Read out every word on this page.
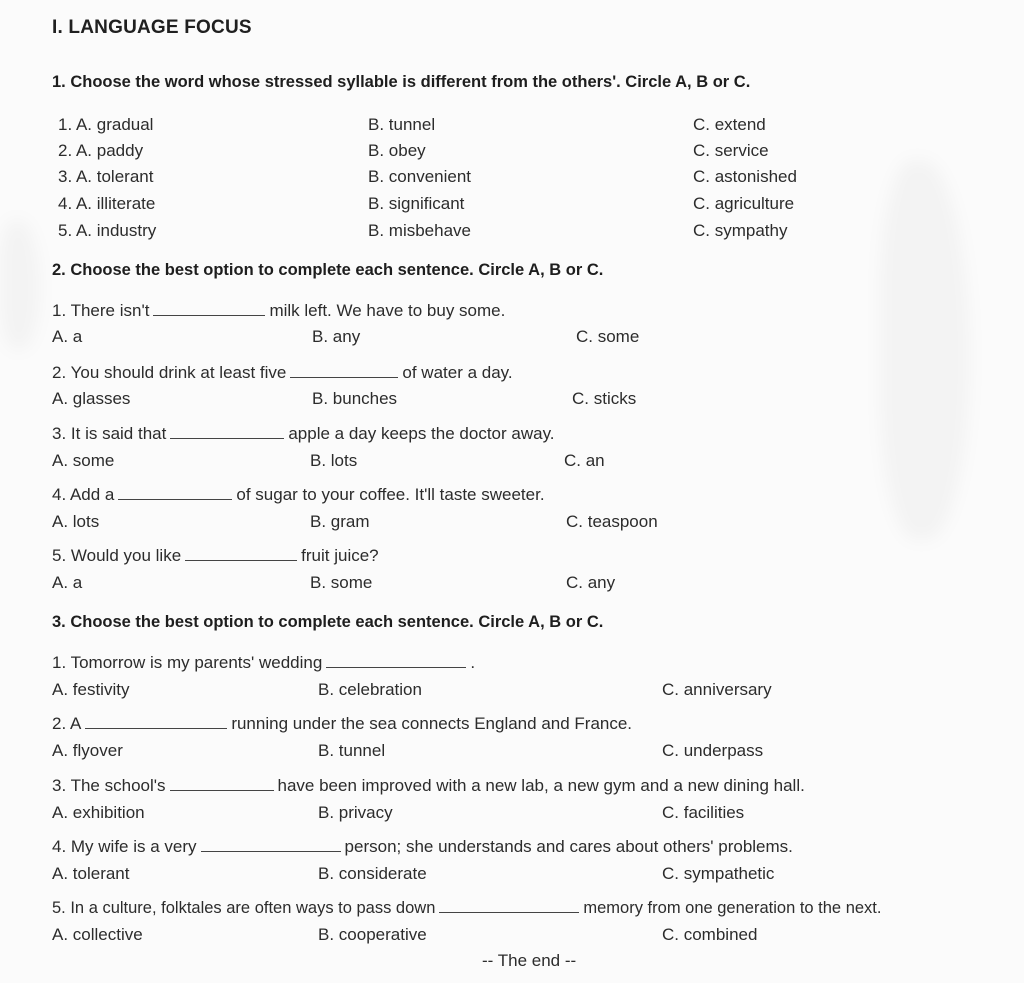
I. LANGUAGE FOCUS
1. Choose the word whose stressed syllable is different from the others'. Circle A, B or C.
1. A. gradual	B. tunnel	C. extend
2. A. paddy	B. obey	C. service
3. A. tolerant	B. convenient	C. astonished
4. A. illiterate	B. significant	C. agriculture
5. A. industry	B. misbehave	C. sympathy
2. Choose the best option to complete each sentence. Circle A, B or C.
1. There isn't	milk left. We have to buy some.
A. a	B. any	C. some
2. You should drink at least five	of water a day.
A. glasses	B. bunches	C. sticks
3. It is said that	apple a day keeps the doctor away.
A. some	B. lots	C. an
4. Add a	of sugar to your coffee. It'll taste sweeter.
A. lots	B. gram	C. teaspoon
5. Would you like	fruit juice?
A. a	B. some	C. any
3. Choose the best option to complete each sentence. Circle A, B or C.
1. Tomorrow is my parents' wedding	.
A. festivity	B. celebration	C. anniversary
2. A	running under the sea connects England and France.
A. flyover	B. tunnel	C. underpass
3. The school's	have been improved with a new lab, a new gym and a new dining hall.
A. exhibition	B. privacy	C. facilities
4. My wife is a very	person; she understands and cares about others' problems.
A. tolerant	B. considerate	C. sympathetic
5. In a culture, folktales are often ways to pass down	memory from one generation to the next.
A. collective	B. cooperative	C. combined
-- The end --
